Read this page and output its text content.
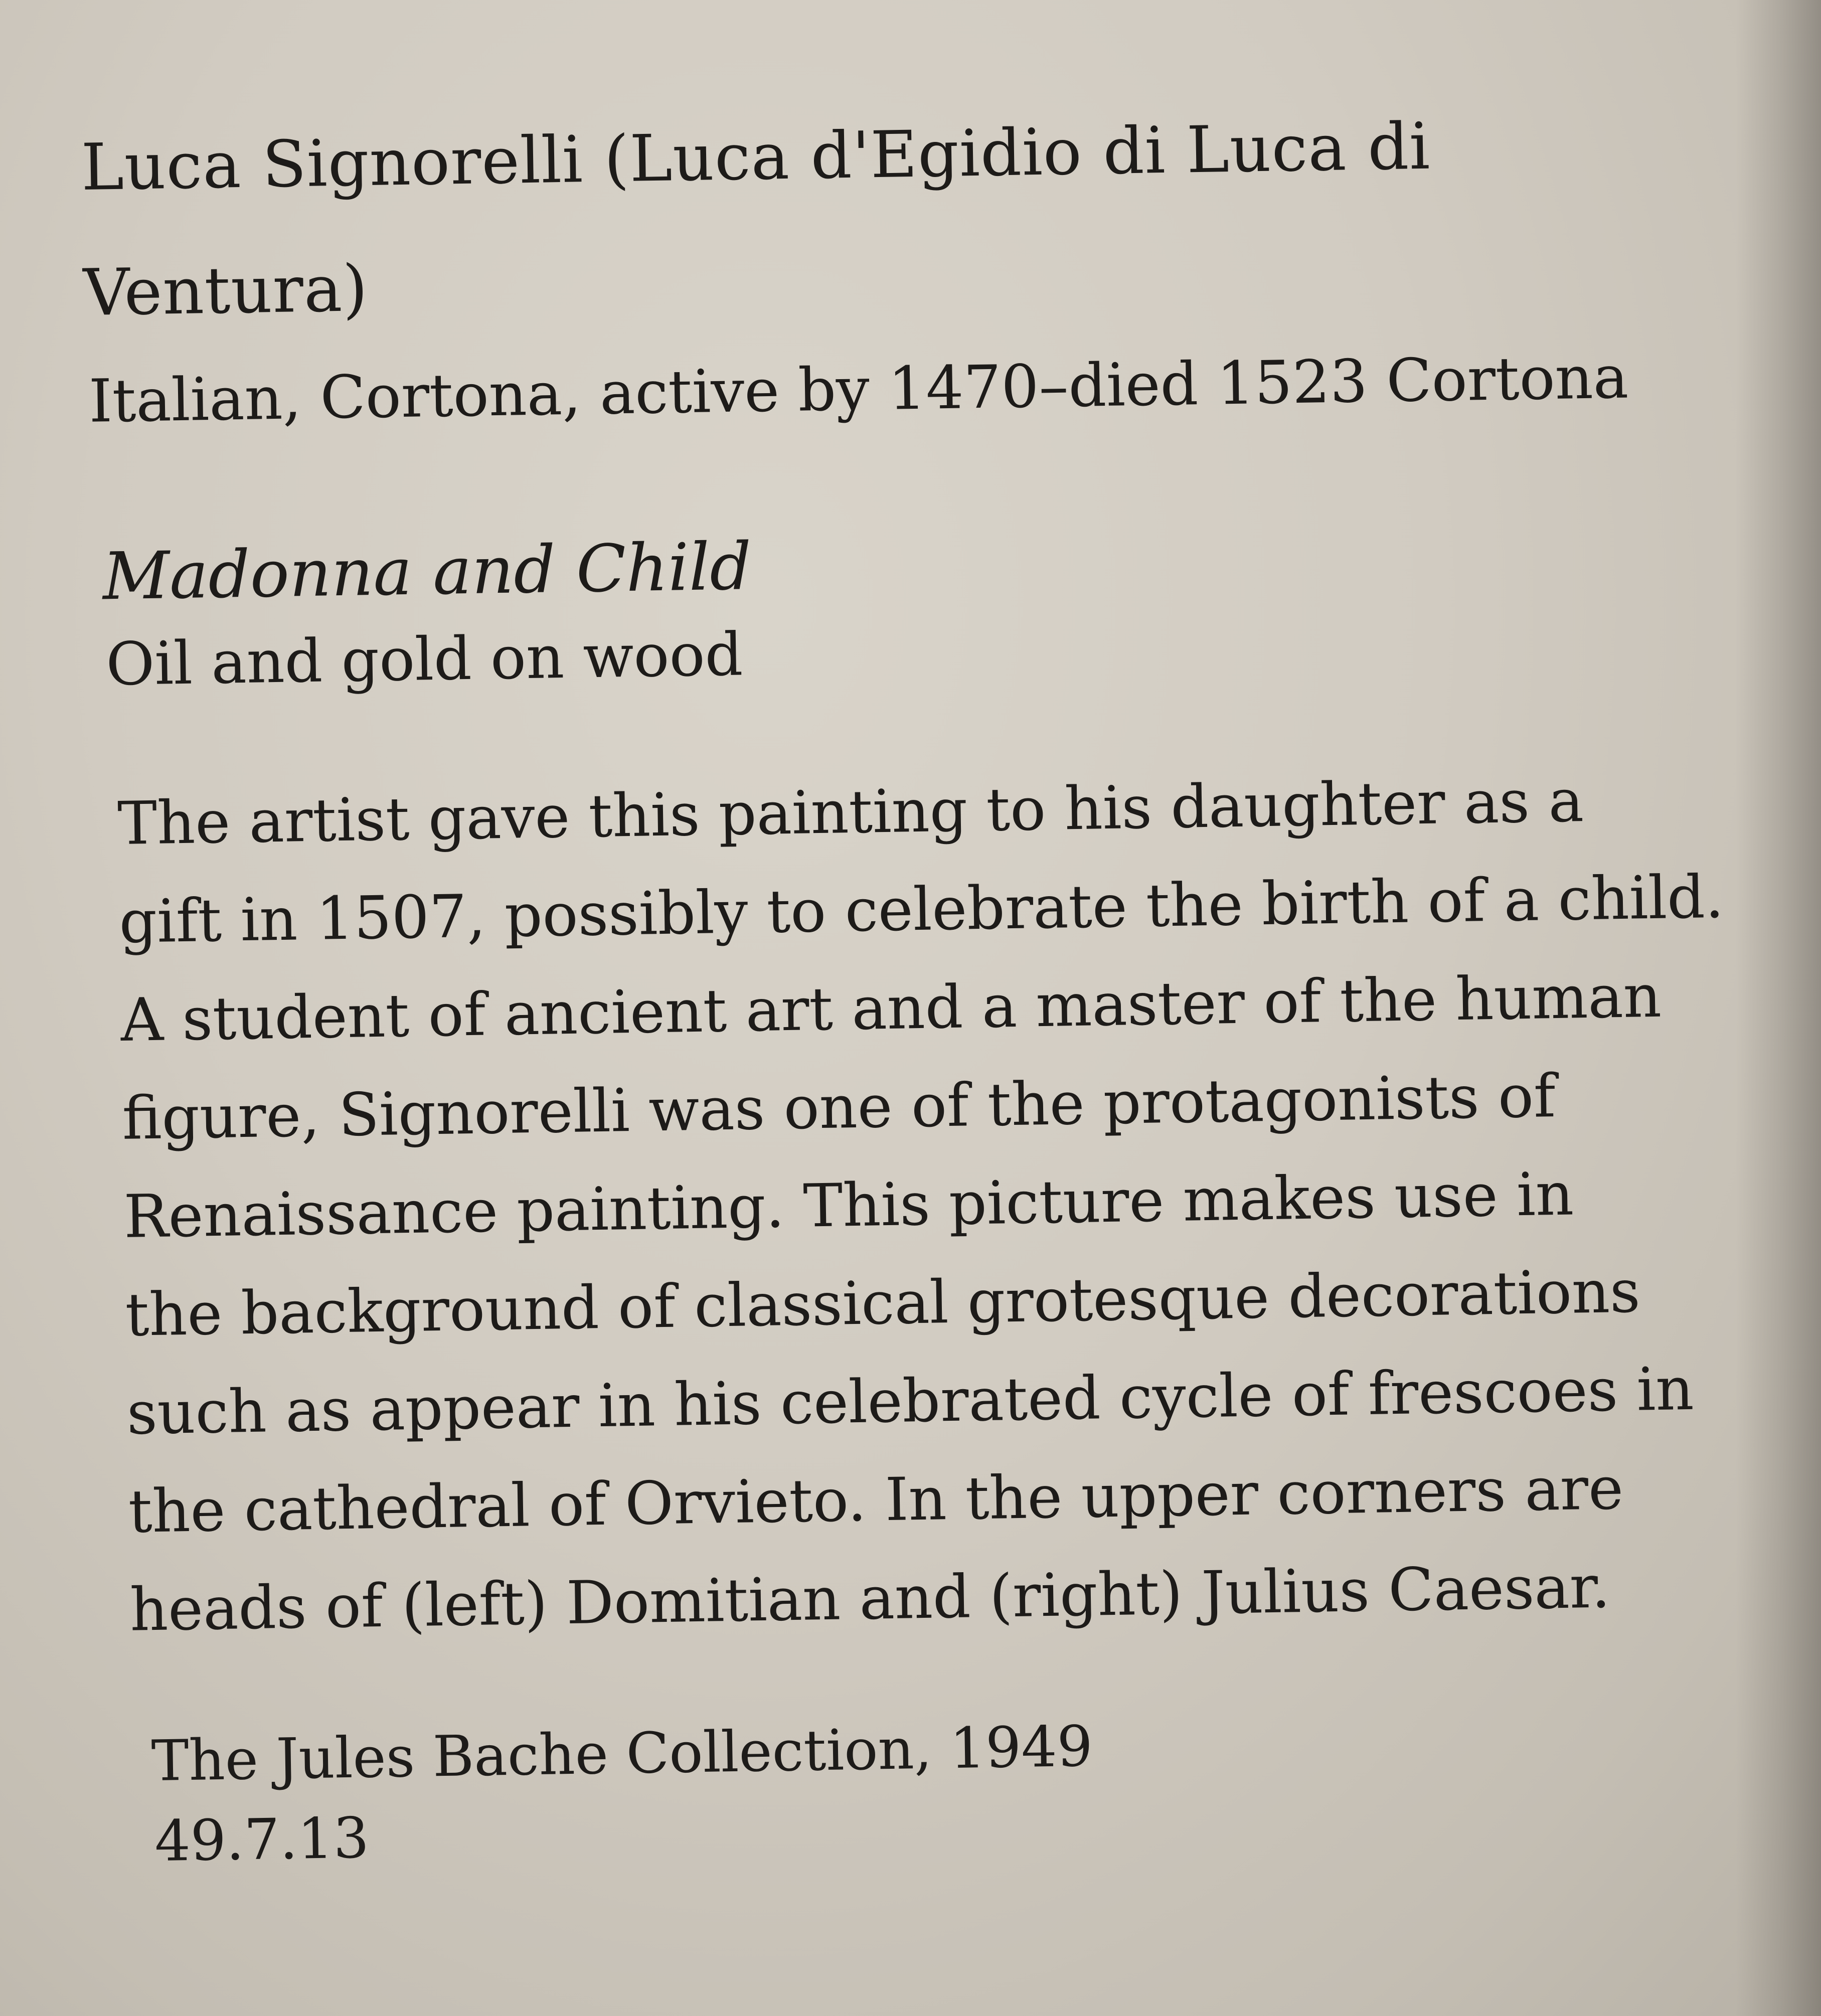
Luca Signorelli (Luca d'Egidio di Luca di
Ventura)
Italian, Cortona, active by 1470–died 1523 Cortona
Madonna and Child
Oil and gold on wood
The artist gave this painting to his daughter as a
gift in 1507, possibly to celebrate the birth of a child.
A student of ancient art and a master of the human
figure, Signorelli was one of the protagonists of
Renaissance painting. This picture makes use in
the background of classical grotesque decorations
such as appear in his celebrated cycle of frescoes in
the cathedral of Orvieto. In the upper corners are
heads of (left) Domitian and (right) Julius Caesar.
The Jules Bache Collection, 1949
49.7.13
